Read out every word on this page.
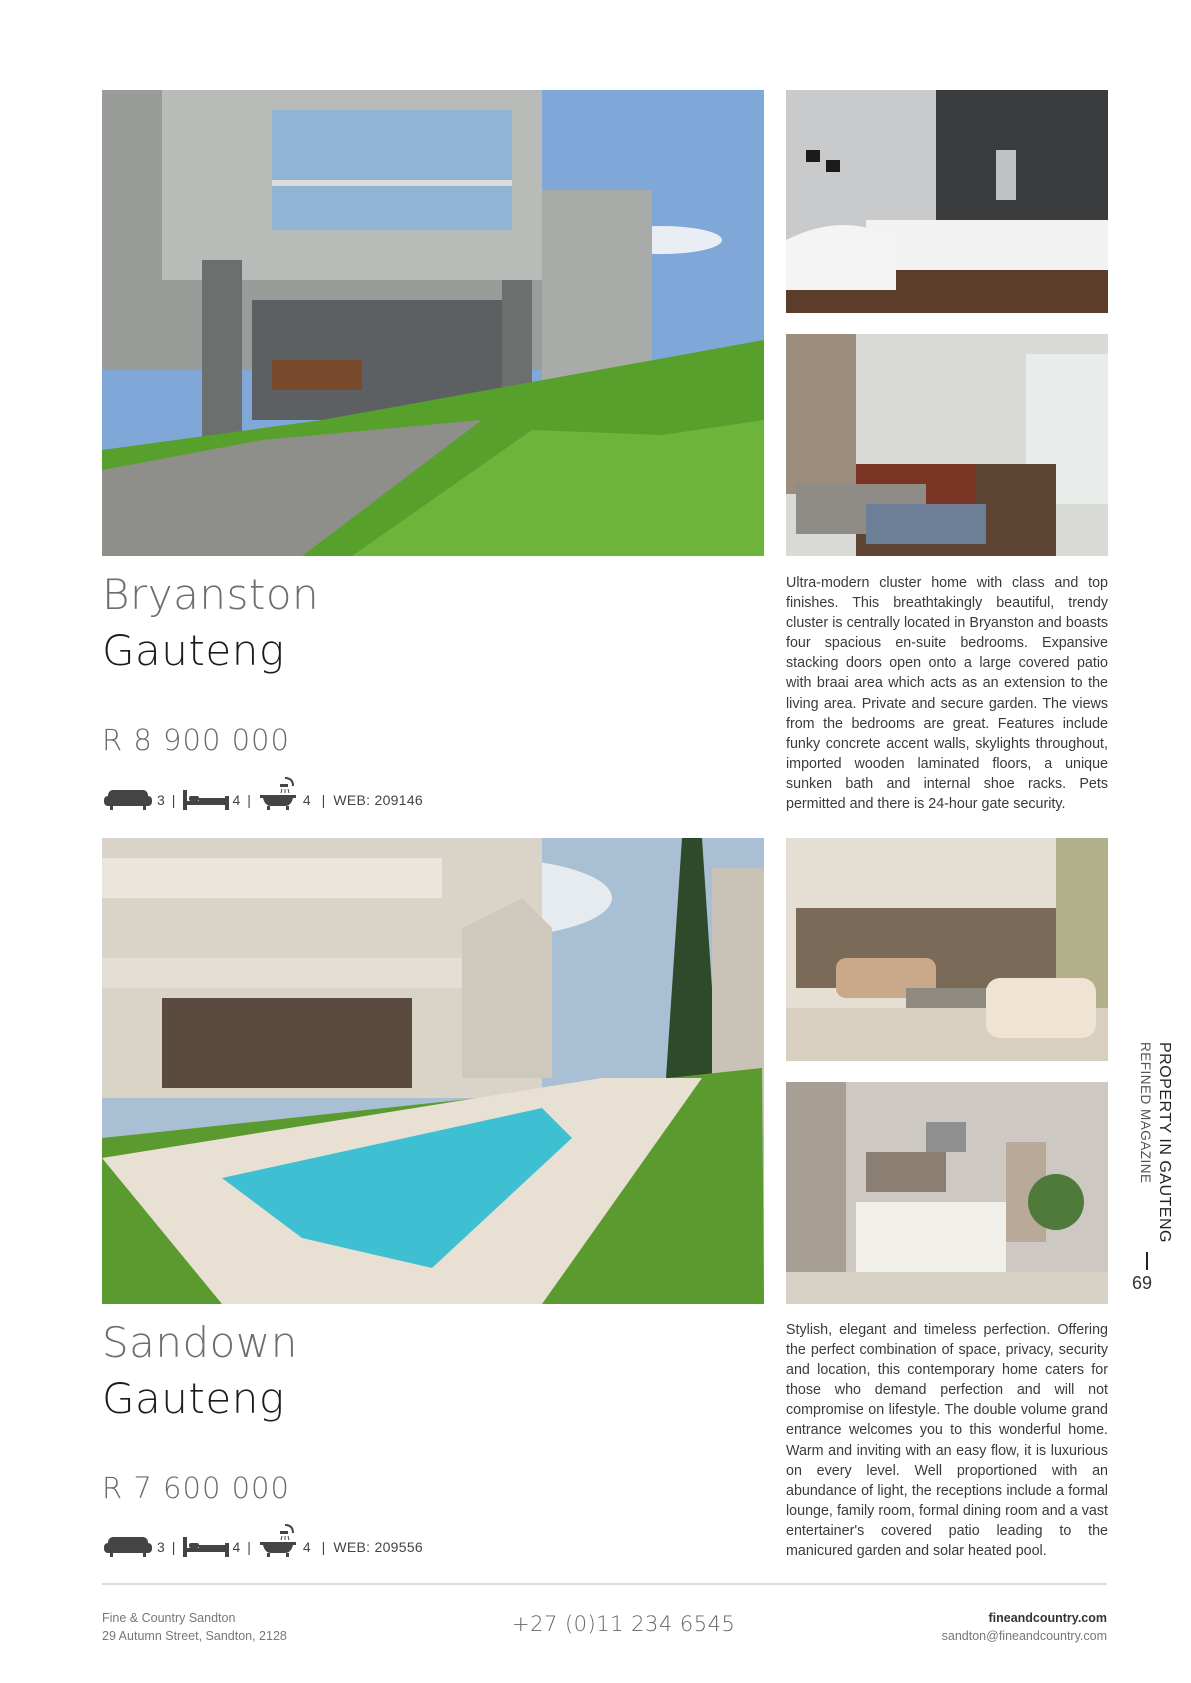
Bryanston
Gauteng
R 8 900 000
3 |	4 |	4 | WEB: 209146

Ultra-modern cluster home with class and top finishes. This breathtakingly beautiful, trendy cluster is centrally located in Bryanston and boasts four spacious en-suite bedrooms. Expansive stacking doors open onto a large covered patio with braai area which acts as an extension to the living area. Private and secure garden. The views from the bedrooms are great. Features include funky concrete accent walls, skylights throughout, imported wooden laminated floors, a unique sunken bath and internal shoe racks. Pets permitted and there is 24-hour gate security.

Sandown
Gauteng
R 7 600 000
3 |	4 |	4 | WEB: 209556

Stylish, elegant and timeless perfection. Offering the perfect combination of space, privacy, security and location, this contemporary home caters for those who demand perfection and will not compromise on lifestyle. The double volume grand entrance welcomes you to this wonderful home. Warm and inviting with an easy flow, it is luxurious on every level. Well proportioned with an abundance of light, the receptions include a formal lounge, family room, formal dining room and a vast entertainer's covered patio leading to the manicured garden and solar heated pool.

PROPERTY IN GAUTENG
REFINED MAGAZINE
69
Fine & Country Sandton
29 Autumn Street, Sandton, 2128	+27 (0)11 234 6545	fineandcountry.com
sandton@fineandcountry.com
